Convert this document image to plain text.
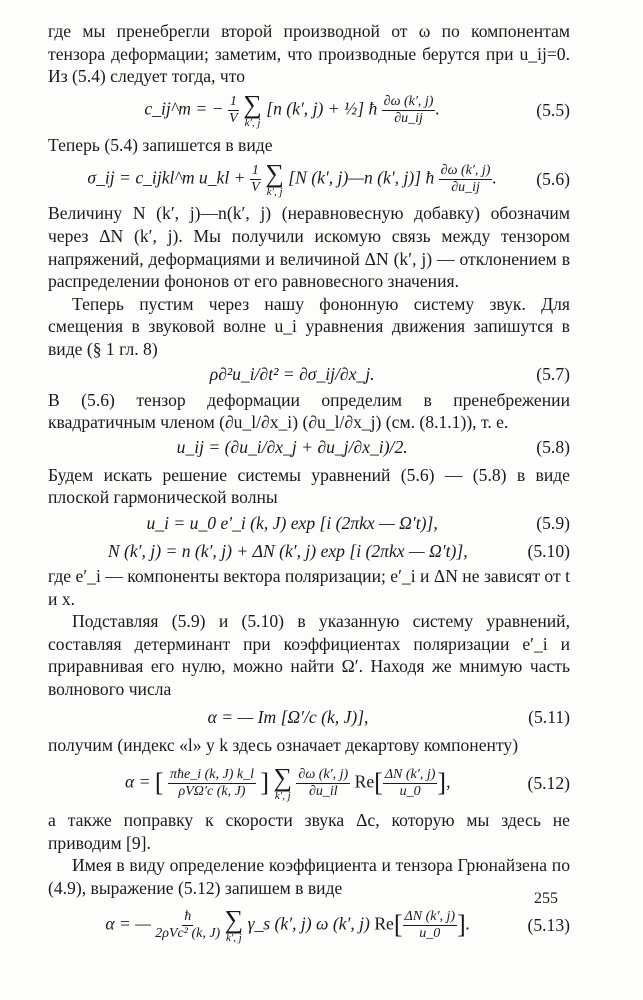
где мы пренебрегли второй производной от ω по компонентам тензора деформации; заметим, что производные берутся при u_ij=0. Из (5.4) следует тогда, что

c_ij^m = − $\frac{1}{V}$
∑
k′, j
[n (k′, j) + ½] ħ $\frac{\partial\omega (k', j)}{\partial u\_ij}$ .	(5.5)

Теперь (5.4) запишется в виде

σ_ij = c_ijkl^m u_kl + $\frac{1}{V}$
∑
k′, j
[N (k′, j)—n (k′, j)] ħ $\frac{\partial\omega (k', j)}{\partial u\_ij}$ .	(5.6)

Величину N (k′, j)—n(k′, j) (неравновесную добавку) обозначим через ΔN (k′, j). Мы получили искомую связь между тензором напряжений, деформациями и величиной ΔN (k′, j) — отклонением в распределении фононов от его равновесного значения.

Теперь пустим через нашу фононную систему звук. Для смещения в звуковой волне u_i уравнения движения запишутся в виде (§ 1 гл. 8)

ρ∂²u_i/∂t² = ∂σ_ij/∂x_j.	(5.7)

В (5.6) тензор деформации определим в пренебрежении квадратичным членом (∂u_l/∂x_i) (∂u_l/∂x_j) (см. (8.1.1)), т. е.

u_ij = (∂u_i/∂x_j + ∂u_j/∂x_i)/2.	(5.8)

Будем искать решение системы уравнений (5.6) — (5.8) в виде плоской гармонической волны

u_i = u_0 e′_i (k, J) exp [i (2πkx — Ω′t)],	(5.9)
N (k′, j) = n (k′, j) + ΔN (k′, j) exp [i (2πkx — Ω′t)],	(5.10)

где e′_i — компоненты вектора поляризации; e′_i и ΔN не зависят от t и x.

Подставляя (5.9) и (5.10) в указанную систему уравнений, составляя детерминант при коэффициентах поляризации e′_i и приравнивая его нулю, можно найти Ω′. Находя же мнимую часть волнового числа

α = — Im [Ω′/c (k, J)],	(5.11)

получим (индекс «l» у k здесь означает декартову компоненту)

α = [ $\frac{\text{πħe\_i (k, J) k\_l}}{\text{ρVΩ′c (k, J)}}$ ] ∑
k′, j
$\frac{\partial\omega (k', j)}{\partial u\_il} Re[ \frac{\Delta N (k', j)}{u\_0}$ ],	(5.12)

а также поправку к скорости звука Δc, которую мы здесь не приводим [9].

Имея в виду определение коэффициента и тензора Грюнайзена по (4.9), выражение (5.12) запишем в виде

α = — $\frac{ħ}{\text{2ρVc² (k, J)}}$
∑
k′, j
γ_s (k′, j) ω (k′, j) $Re[ \frac{\Delta N (k', j)}{u\_0}$ ].	(5.13)
255
